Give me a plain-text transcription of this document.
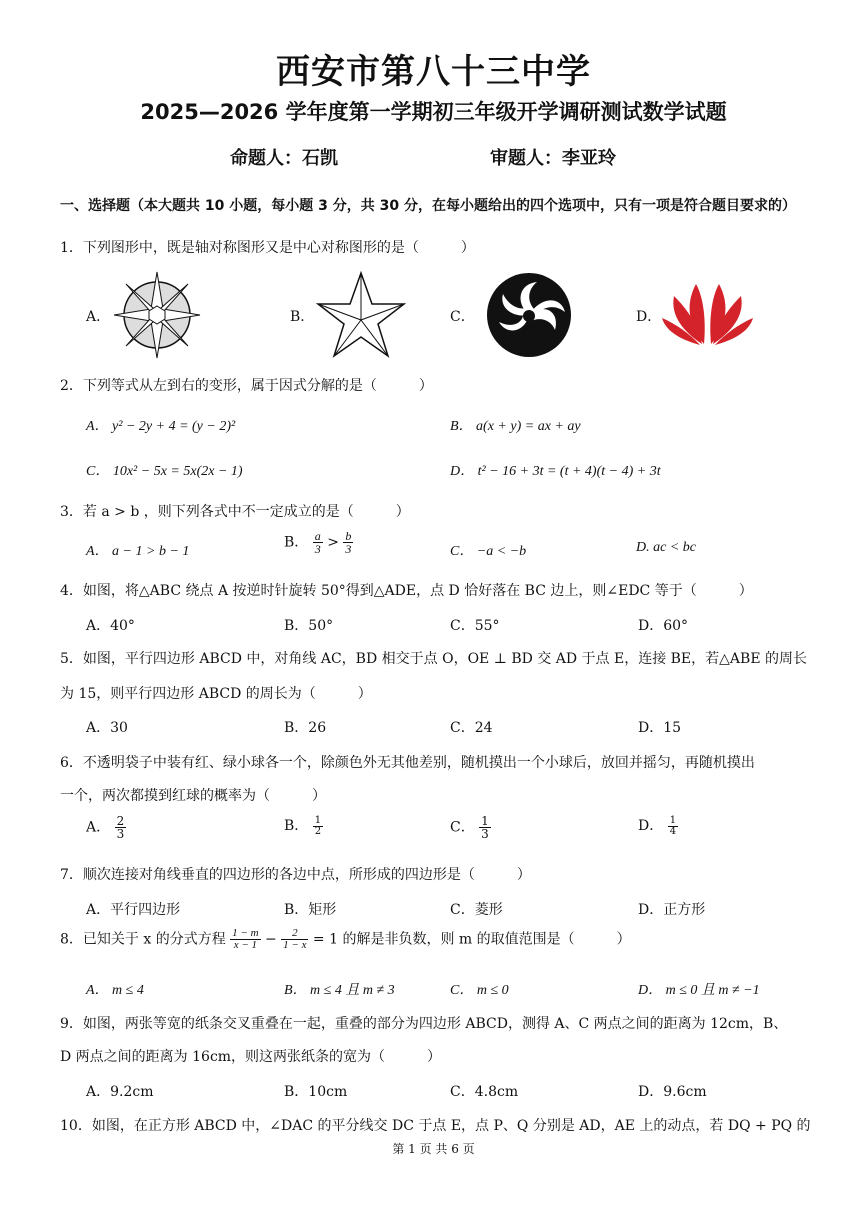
西安市第八十三中学
2025—2026 学年度第一学期初三年级开学调研测试数学试题
命题人：石凯	审题人：李亚玲
一、选择题（本大题共 10 小题，每小题 3 分，共 30 分，在每小题给出的四个选项中，只有一项是符合题目要求的）
1．下列图形中，既是轴对称图形又是中心对称图形的是（　　　）
A．	B．	C．	D．
2．下列等式从左到右的变形，属于因式分解的是（　　　）
A． y² − 2y + 4 = (y − 2)²	B． a(x + y) = ax + ay
C． 10x² − 5x = 5x(2x − 1)	D． t² − 16 + 3t = (t + 4)(t − 4) + 3t
3．若 a > b ，则下列各式中不一定成立的是（　　　）
A． a − 1 > b − 1
B． $\frac{a}{3} > \frac{b}{3}$	C． −a < −b	D. ac < bc
4．如图，将△ABC 绕点 A 按逆时针旋转 50°得到△ADE，点 D 恰好落在 BC 边上，则∠EDC 等于（　　　）
A．40°	B．50°	C．55°	D．60°
5．如图，平行四边形 ABCD 中，对角线 AC，BD 相交于点 O，OE ⊥ BD 交 AD 于点 E，连接 BE，若△ABE 的周长
为 15，则平行四边形 ABCD 的周长为（　　　）
A．30	B．26	C．24	D．15
6．不透明袋子中装有红、绿小球各一个，除颜色外无其他差别，随机摸出一个小球后，放回并摇匀，再随机摸出
一个，两次都摸到红球的概率为（　　　）
A． $\frac{2}{3}$	B． $\frac{1}{2}$	C． $\frac{1}{3}$	D． $\frac{1}{4}$
7．顺次连接对角线垂直的四边形的各边中点，所形成的四边形是（　　　）
A．平行四边形	B．矩形	C．菱形	D．正方形
8．已知关于 x 的分式方程 $\frac{1 - m}{x - 1} - \frac{2}{1 - x} = 1$ 的解是非负数，则 m 的取值范围是（　　　）
A． m ≤ 4	B． m ≤ 4 且 m ≠ 3	C． m ≤ 0	D． m ≤ 0 且 m ≠ −1
9．如图，两张等宽的纸条交叉重叠在一起，重叠的部分为四边形 ABCD，测得 A、C 两点之间的距离为 12cm，B、
D 两点之间的距离为 16cm，则这两张纸条的宽为（　　　）
A．9.2cm	B．10cm	C．4.8cm	D．9.6cm
10．如图，在正方形 ABCD 中，∠DAC 的平分线交 DC 于点 E，点 P、Q 分别是 AD，AE 上的动点，若 DQ + PQ 的
第 1 页 共 6 页
